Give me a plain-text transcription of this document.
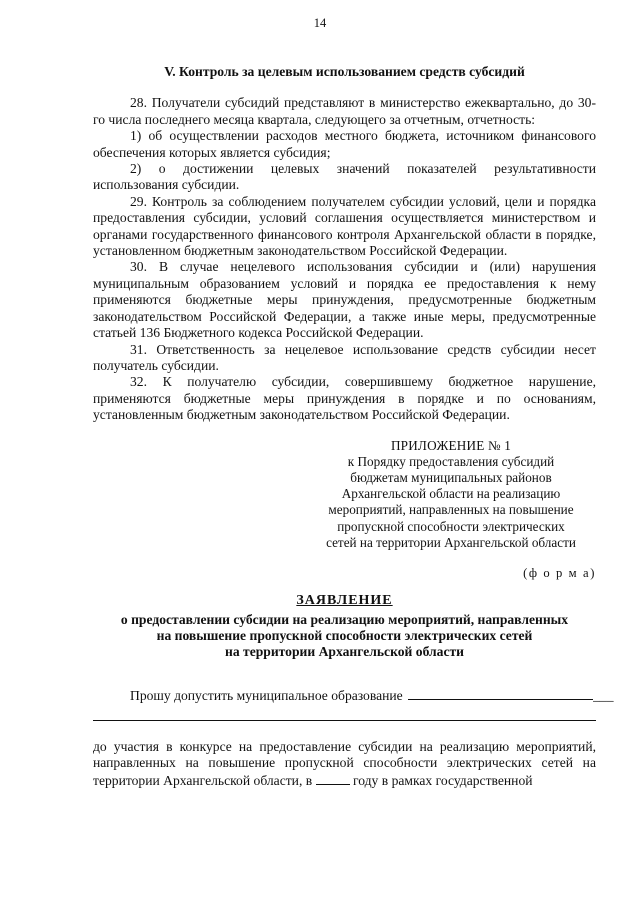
14
V. Контроль за целевым использованием средств субсидий

28. Получатели субсидий представляют в министерство ежеквартально, до 30-го числа последнего месяца квартала, следующего за отчетным, отчетность:

1) об осуществлении расходов местного бюджета, источником финансового обеспечения которых является субсидия;

2) о достижении целевых значений показателей результативности использования субсидии.

29. Контроль за соблюдением получателем субсидии условий, цели и порядка предоставления субсидии, условий соглашения осуществляется министерством и органами государственного финансового контроля Архангельской области в порядке, установленном бюджетным законодательством Российской Федерации.

30. В случае нецелевого использования субсидии и (или) нарушения муниципальным образованием условий и порядка ее предоставления к нему применяются бюджетные меры принуждения, предусмотренные бюджетным законодательством Российской Федерации, а также иные меры, предусмотренные статьей 136 Бюджетного кодекса Российской Федерации.

31. Ответственность за нецелевое использование средств субсидии несет получатель субсидии.

32. К получателю субсидии, совершившему бюджетное нарушение, применяются бюджетные меры принуждения в порядке и по основаниям, установленным бюджетным законодательством Российской Федерации.

ПРИЛОЖЕНИЕ № 1
к Порядку предоставления субсидий
бюджетам муниципальных районов
Архангельской области на реализацию
мероприятий, направленных на повышение
пропускной способности электрических
сетей на территории Архангельской области
(ф о р м а)
ЗАЯВЛЕНИЕ
о предоставлении субсидии на реализацию мероприятий, направленных
на повышение пропускной способности электрических сетей
на территории Архангельской области
Прошу допустить муниципальное образование	___

до участия в конкурсе на предоставление субсидии на реализацию мероприятий, направленных на повышение пропускной способности электрических сетей на территории Архангельской области, в	году в рамках государственной
